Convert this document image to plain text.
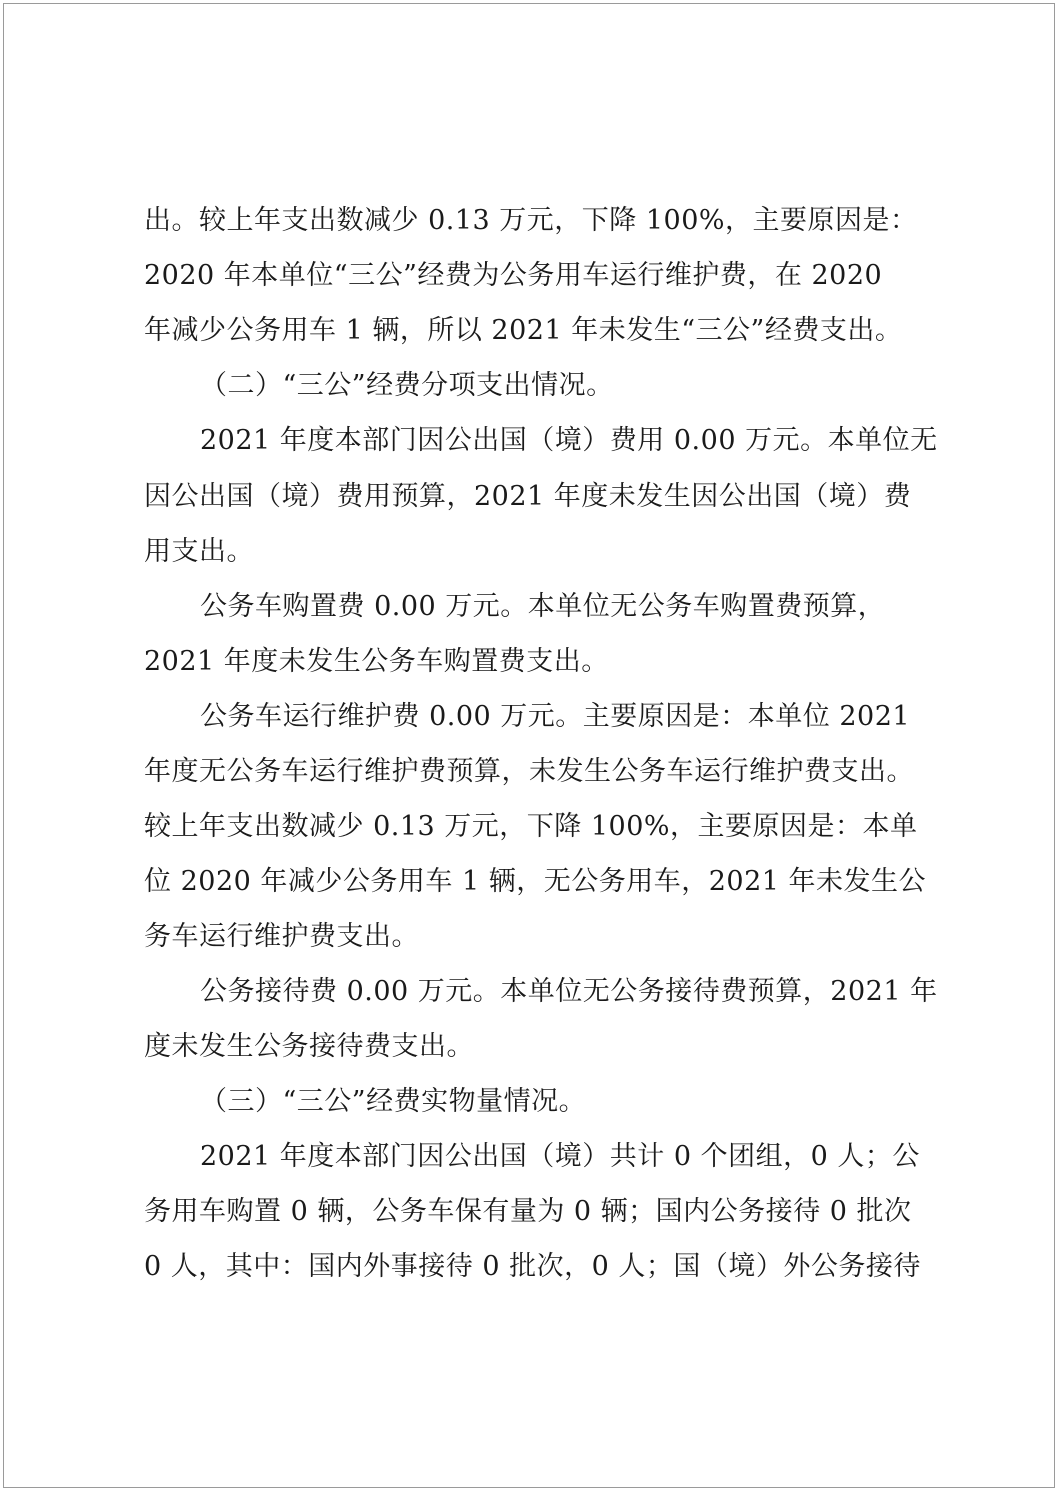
出。较上年支出数减少 0.13 万元，下降 100%，主要原因是：
2020 年本单位“三公”经费为公务用车运行维护费，在 2020
年减少公务用车 1 辆，所以 2021 年未发生“三公”经费支出。
（二）“三公”经费分项支出情况。
2021 年度本部门因公出国（境）费用 0.00 万元。本单位无
因公出国（境）费用预算，2021 年度未发生因公出国（境）费
用支出。
公务车购置费 0.00 万元。本单位无公务车购置费预算，
2021 年度未发生公务车购置费支出。
公务车运行维护费 0.00 万元。主要原因是：本单位 2021
年度无公务车运行维护费预算，未发生公务车运行维护费支出。
较上年支出数减少 0.13 万元，下降 100%，主要原因是：本单
位 2020 年减少公务用车 1 辆，无公务用车，2021 年未发生公
务车运行维护费支出。
公务接待费 0.00 万元。本单位无公务接待费预算，2021 年
度未发生公务接待费支出。
（三）“三公”经费实物量情况。
2021 年度本部门因公出国（境）共计 0 个团组，0 人；公
务用车购置 0 辆，公务车保有量为 0 辆；国内公务接待 0 批次
0 人，其中：国内外事接待 0 批次，0 人；国（境）外公务接待
